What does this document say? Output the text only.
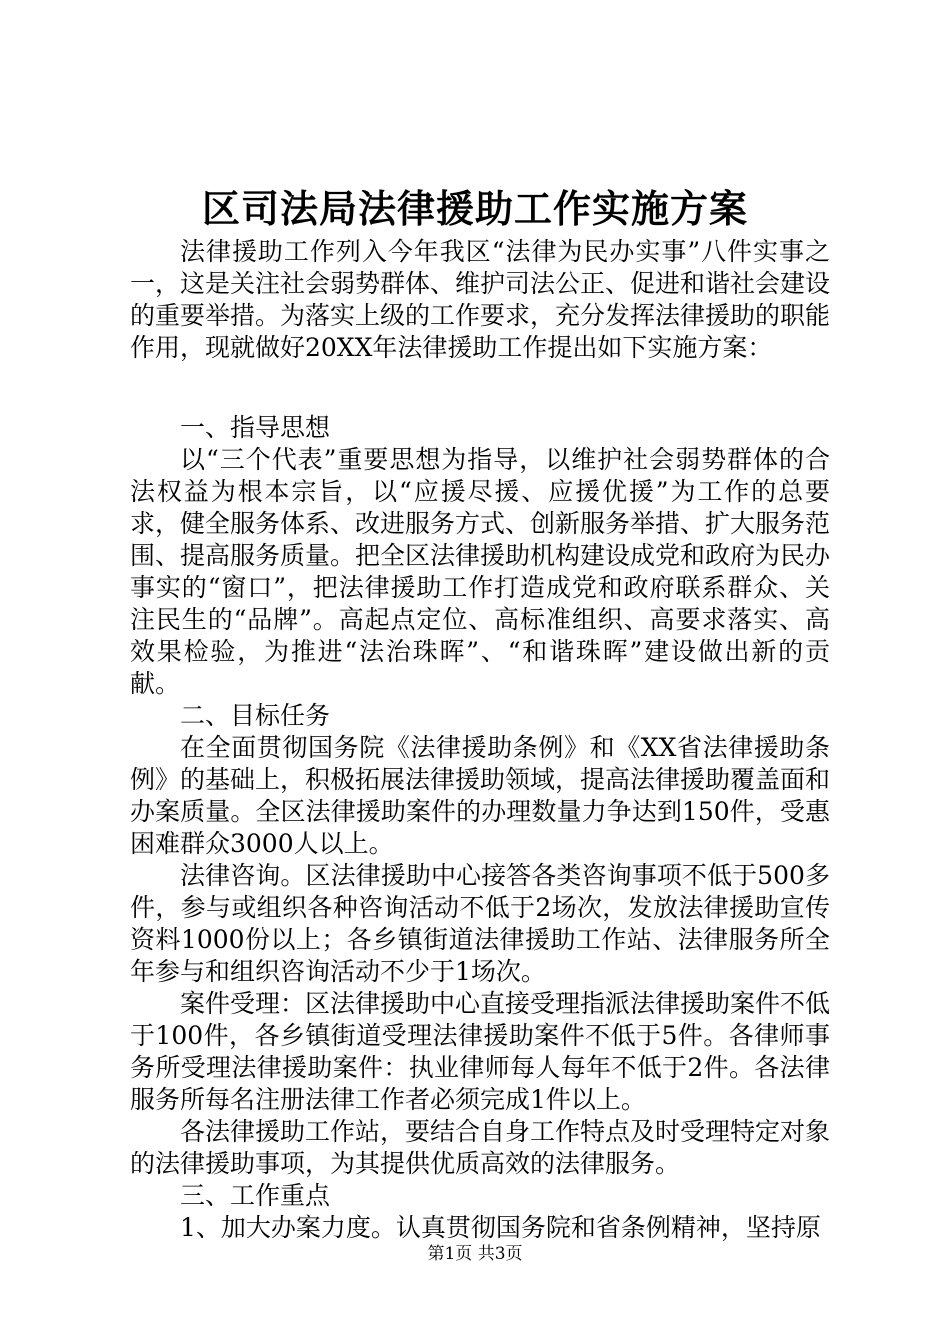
区司法局法律援助工作实施方案

法律援助工作列入今年我区“法律为民办实事”八件实事之一，这是关注社会弱势群体、维护司法公正、促进和谐社会建设的重要举措。为落实上级的工作要求，充分发挥法律援助的职能作用，现就做好20XX年法律援助工作提出如下实施方案：

一、指导思想

以“三个代表”重要思想为指导，以维护社会弱势群体的合法权益为根本宗旨，以“应援尽援、应援优援”为工作的总要求，健全服务体系、改进服务方式、创新服务举措、扩大服务范围、提高服务质量。把全区法律援助机构建设成党和政府为民办事实的“窗口”，把法律援助工作打造成党和政府联系群众、关注民生的“品牌”。高起点定位、高标准组织、高要求落实、高效果检验，为推进“法治珠晖”、“和谐珠晖”建设做出新的贡献。

二、目标任务

在全面贯彻国务院《法律援助条例》和《XX省法律援助条例》的基础上，积极拓展法律援助领域，提高法律援助覆盖面和办案质量。全区法律援助案件的办理数量力争达到150件，受惠困难群众3000人以上。

法律咨询。区法律援助中心接答各类咨询事项不低于500多件，参与或组织各种咨询活动不低于2场次，发放法律援助宣传资料1000份以上；各乡镇街道法律援助工作站、法律服务所全年参与和组织咨询活动不少于1场次。

案件受理：区法律援助中心直接受理指派法律援助案件不低于100件，各乡镇街道受理法律援助案件不低于5件。各律师事务所受理法律援助案件：执业律师每人每年不低于2件。各法律服务所每名注册法律工作者必须完成1件以上。

各法律援助工作站，要结合自身工作特点及时受理特定对象的法律援助事项，为其提供优质高效的法律服务。

三、工作重点

1、加大办案力度。认真贯彻国务院和省条例精神，坚持原

第1页 共3页
